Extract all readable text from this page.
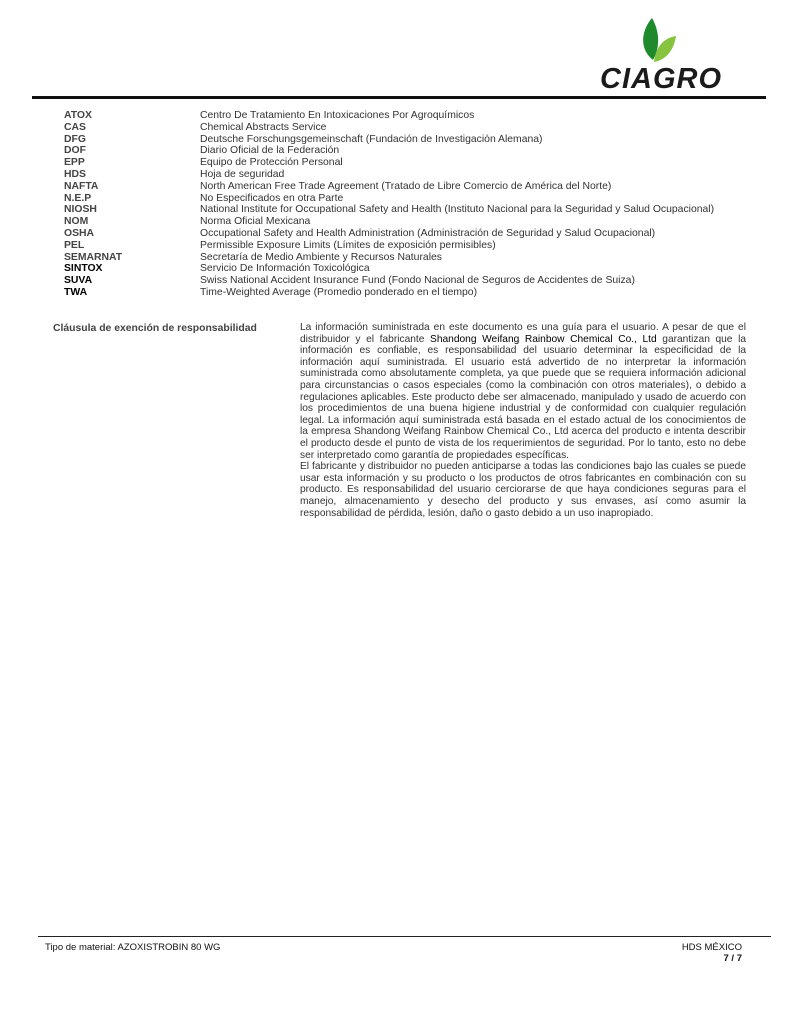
CIAGRO
ATOX	Centro De Tratamiento En Intoxicaciones Por Agroquímicos
CAS	Chemical Abstracts Service
DFG	Deutsche Forschungsgemeinschaft (Fundación de Investigación Alemana)
DOF	Diario Oficial de la Federación
EPP	Equipo de Protección Personal
HDS	Hoja de seguridad
NAFTA	North American Free Trade Agreement (Tratado de Libre Comercio de América del Norte)
N.E.P	No Especificados en otra Parte
NIOSH	National Institute for Occupational Safety and Health (Instituto Nacional para la Seguridad y Salud Ocupacional)
NOM	Norma Oficial Mexicana
OSHA	Occupational Safety and Health Administration (Administración de Seguridad y Salud Ocupacional)
PEL	Permissible Exposure Limits (Límites de exposición permisibles)
SEMARNAT	Secretaría de Medio Ambiente y Recursos Naturales
SINTOX	Servicio De Información Toxicológica
SUVA	Swiss National Accident Insurance Fund (Fondo Nacional de Seguros de Accidentes de Suiza)
TWA	Time-Weighted Average (Promedio ponderado en el tiempo)
Cláusula de exención de responsabilidad	La información suministrada en este documento es una guía para el usuario. A pesar de que el distribuidor y el fabricante Shandong Weifang Rainbow Chemical Co., Ltd garantizan que la información es confiable, es responsabilidad del usuario determinar la especificidad de la información aquí suministrada. El usuario está advertido de no interpretar la información suministrada como absolutamente completa, ya que puede que se requiera información adicional para circunstancias o casos especiales (como la combinación con otros materiales), o debido a regulaciones aplicables. Este producto debe ser almacenado, manipulado y usado de acuerdo con los procedimientos de una buena higiene industrial y de conformidad con cualquier regulación legal. La información aquí suministrada está basada en el estado actual de los conocimientos de la empresa Shandong Weifang Rainbow Chemical Co., Ltd acerca del producto e intenta describir el producto desde el punto de vista de los requerimientos de seguridad. Por lo tanto, esto no debe ser interpretado como garantía de propiedades específicas.

El fabricante y distribuidor no pueden anticiparse a todas las condiciones bajo las cuales se puede usar esta información y su producto o los productos de otros fabricantes en combinación con su producto. Es responsabilidad del usuario cerciorarse de que haya condiciones seguras para el manejo, almacenamiento y desecho del producto y sus envases, así como asumir la responsabilidad de pérdida, lesión, daño o gasto debido a un uso inapropiado.

Tipo de material: AZOXISTROBIN 80 WG	HDS MÉXICO
7 / 7
